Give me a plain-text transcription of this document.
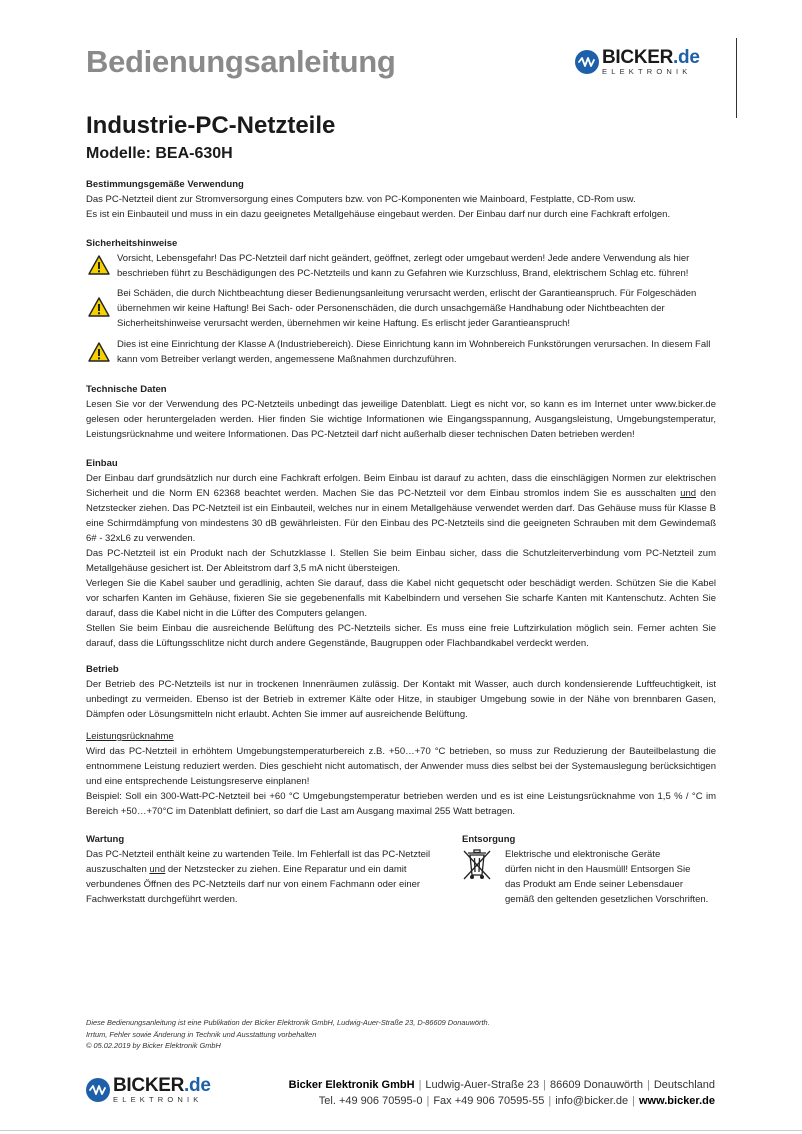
Bedienungsanleitung	BICKER.de
ELEKTRONIK
Industrie-PC-Netzteile
Modelle: BEA-630H
Bestimmungsgemäße Verwendung

Das PC-Netzteil dient zur Stromversorgung eines Computers bzw. von PC-Komponenten wie Mainboard, Festplatte, CD-Rom usw.

Es ist ein Einbauteil und muss in ein dazu geeignetes Metallgehäuse eingebaut werden. Der Einbau darf nur durch eine Fachkraft erfolgen.

Sicherheitshinweise

Vorsicht, Lebensgefahr! Das PC-Netzteil darf nicht geändert, geöffnet, zerlegt oder umgebaut werden! Jede andere Verwendung als hier beschrieben führt zu Beschädigungen des PC-Netzteils und kann zu Gefahren wie Kurzschluss, Brand, elektrischem Schlag etc. führen!

Bei Schäden, die durch Nichtbeachtung dieser Bedienungsanleitung verursacht werden, erlischt der Garantieanspruch. Für Folgeschäden übernehmen wir keine Haftung! Bei Sach- oder Personenschäden, die durch unsachgemäße Handhabung oder Nichtbeachten der Sicherheitshinweise verursacht werden, übernehmen wir keine Haftung. Es erlischt jeder Garantieanspruch!

Dies ist eine Einrichtung der Klasse A (Industriebereich). Diese Einrichtung kann im Wohnbereich Funkstörungen verursachen. In diesem Fall kann vom Betreiber verlangt werden, angemessene Maßnahmen durchzuführen.

Technische Daten

Lesen Sie vor der Verwendung des PC-Netzteils unbedingt das jeweilige Datenblatt. Liegt es nicht vor, so kann es im Internet unter www.bicker.de gelesen oder heruntergeladen werden. Hier finden Sie wichtige Informationen wie Eingangsspannung, Ausgangsleistung, Umgebungstemperatur, Leistungsrücknahme und weitere Informationen. Das PC-Netzteil darf nicht außerhalb dieser technischen Daten betrieben werden!

Einbau

Der Einbau darf grundsätzlich nur durch eine Fachkraft erfolgen. Beim Einbau ist darauf zu achten, dass die einschlägigen Normen zur elektrischen Sicherheit und die Norm EN 62368 beachtet werden. Machen Sie das PC-Netzteil vor dem Einbau stromlos indem Sie es ausschalten und den Netzstecker ziehen. Das PC-Netzteil ist ein Einbauteil, welches nur in einem Metallgehäuse verwendet werden darf. Das Gehäuse muss für Klasse B eine Schirmdämpfung von mindestens 30 dB gewährleisten. Für den Einbau des PC-Netzteils sind die geeigneten Schrauben mit dem Gewindemaß 6# - 32xL6 zu verwenden.

Das PC-Netzteil ist ein Produkt nach der Schutzklasse I. Stellen Sie beim Einbau sicher, dass die Schutzleiterverbindung vom PC-Netzteil zum Metallgehäuse gesichert ist. Der Ableitstrom darf 3,5 mA nicht übersteigen.

Verlegen Sie die Kabel sauber und geradlinig, achten Sie darauf, dass die Kabel nicht gequetscht oder beschädigt werden. Schützen Sie die Kabel vor scharfen Kanten im Gehäuse, fixieren Sie sie gegebenenfalls mit Kabelbindern und versehen Sie scharfe Kanten mit Kantenschutz. Achten Sie darauf, dass die Kabel nicht in die Lüfter des Computers gelangen.

Stellen Sie beim Einbau die ausreichende Belüftung des PC-Netzteils sicher. Es muss eine freie Luftzirkulation möglich sein. Ferner achten Sie darauf, dass die Lüftungsschlitze nicht durch andere Gegenstände, Baugruppen oder Flachbandkabel verdeckt werden.

Betrieb

Der Betrieb des PC-Netzteils ist nur in trockenen Innenräumen zulässig. Der Kontakt mit Wasser, auch durch kondensierende Luftfeuchtigkeit, ist unbedingt zu vermeiden. Ebenso ist der Betrieb in extremer Kälte oder Hitze, in staubiger Umgebung sowie in der Nähe von brennbaren Gasen, Dämpfen oder Lösungsmitteln nicht erlaubt. Achten Sie immer auf ausreichende Belüftung.

Leistungsrücknahme

Wird das PC-Netzteil in erhöhtem Umgebungstemperaturbereich z.B. +50…+70 °C betrieben, so muss zur Reduzierung der Bauteilbelastung die entnommene Leistung reduziert werden. Dies geschieht nicht automatisch, der Anwender muss dies selbst bei der Systemauslegung berücksichtigen und eine entsprechende Leistungsreserve einplanen!

Beispiel: Soll ein 300-Watt-PC-Netzteil bei +60 °C Umgebungstemperatur betrieben werden und es ist eine Leistungsrücknahme von 1,5 % / °C im Bereich +50…+70°C im Datenblatt definiert, so darf die Last am Ausgang maximal 255 Watt betragen.

Wartung

Das PC-Netzteil enthält keine zu wartenden Teile. Im Fehlerfall ist das PC-Netzteil

auszuschalten und der Netzstecker zu ziehen. Eine Reparatur und ein damit

verbundenes Öffnen des PC-Netzteils darf nur von einem Fachmann oder einer

Fachwerkstatt durchgeführt werden.

Entsorgung

Elektrische und elektronische Geräte

dürfen nicht in den Hausmüll! Entsorgen Sie

das Produkt am Ende seiner Lebensdauer

gemäß den geltenden gesetzlichen Vorschriften.

Diese Bedienungsanleitung ist eine Publikation der Bicker Elektronik GmbH, Ludwig-Auer-Straße 23, D-86609 Donauwörth.

Irrtum, Fehler sowie Änderung in Technik und Ausstattung vorbehalten

© 05.02.2019 by Bicker Elektronik GmbH

BICKER.de
ELEKTRONIK
Bicker Elektronik GmbH | Ludwig-Auer-Straße 23 | 86609 Donauwörth | Deutschland
Tel. +49 906 70595-0 | Fax +49 906 70595-55 | info@bicker.de | www.bicker.de
